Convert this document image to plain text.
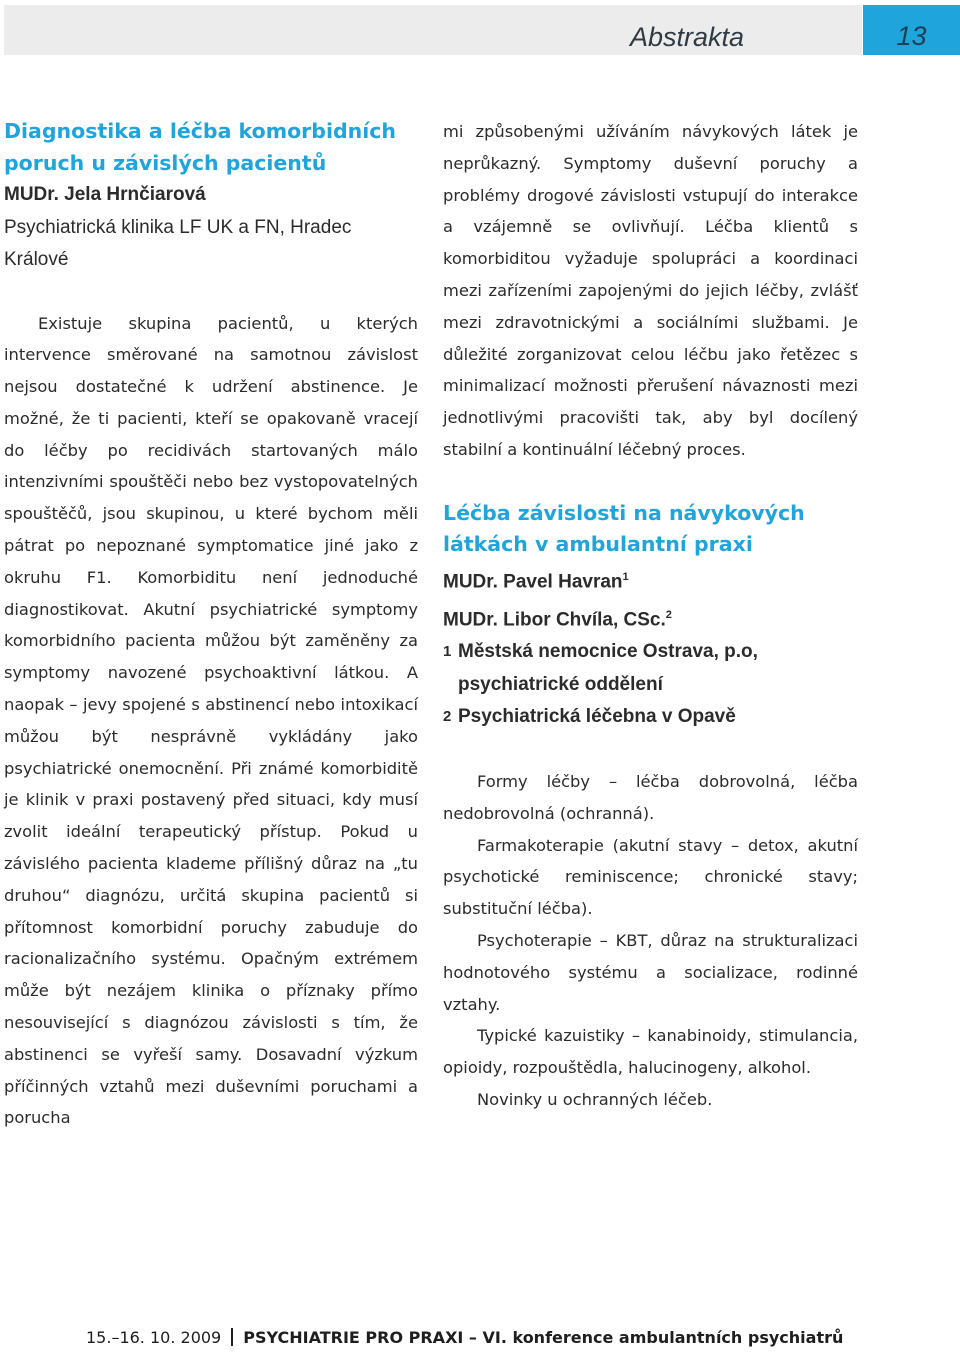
Abstrakta	13
Diagnostika a léčba komorbidních poruch u závislých pacientů

MUDr. Jela Hrnčiarová

Psychiatrická klinika LF UK a FN, Hradec Králové

Existuje skupina pacientů, u kterých intervence směrované na samotnou závislost nejsou dostatečné k udržení abstinence. Je možné, že ti pacienti, kteří se opakovaně vracejí do léčby po recidivách startovaných málo intenzivními spouštěči nebo bez vystopovatelných spouštěčů, jsou skupinou, u které bychom měli pátrat po nepoznané symptomatice jiné jako z okruhu F1. Komorbiditu není jednoduché diagnostikovat. Akutní psychiatrické symptomy komorbidního pacienta můžou být zaměněny za symptomy navozené psychoaktivní látkou. A naopak – jevy spojené s abstinencí nebo intoxikací můžou být nesprávně vykládány jako psychiatrické onemocnění. Při známé komorbiditě je klinik v praxi postavený před situaci, kdy musí zvolit ideální terapeutický přístup. Pokud u závislého pacienta klademe přílišný důraz na „tu druhou“ diagnózu, určitá skupina pacientů si přítomnost komorbidní poruchy zabuduje do racionalizačního systému. Opačným extrémem může být nezájem klinika o příznaky přímo nesouvisející s diagnózou závislosti s tím, že abstinenci se vyřeší samy. Dosavadní výzkum příčinných vztahů mezi duševními poruchami a porucha

mi způsobenými užíváním návykových látek je neprůkazný. Symptomy duševní poruchy a problémy drogové závislosti vstupují do interakce a vzájemně se ovlivňují. Léčba klientů s komorbiditou vyžaduje spolupráci a koordinaci mezi zařízeními zapojenými do jejich léčby, zvlášť mezi zdravotnickými a sociálními službami. Je důležité zorganizovat celou léčbu jako řetězec s minimalizací možnosti přerušení návaznosti mezi jednotlivými pracovišti tak, aby byl docílený stabilní a kontinuální léčebný proces.

Léčba závislosti na návykových látkách v ambulantní praxi

MUDr. Pavel Havran$^1$

MUDr. Libor Chvíla, CSc.$^2$

1 Městská nemocnice Ostrava, p.o, psychiatrické oddělení
2 Psychiatrická léčebna v Opavě

Formy léčby – léčba dobrovolná, léčba nedobrovolná (ochranná).

Farmakoterapie (akutní stavy – detox, akutní psychotické reminiscence; chronické stavy; substituční léčba).

Psychoterapie – KBT, důraz na strukturalizaci hodnotového systému a socializace, rodinné vztahy.

Typické kazuistiky – kanabinoidy, stimulancia, opioidy, rozpouštědla, halucinogeny, alkohol.

Novinky u ochranných léčeb.

15.–16. 10. 2009 PSYCHIATRIE PRO PRAXI – VI. konference ambulantních psychiatrů
